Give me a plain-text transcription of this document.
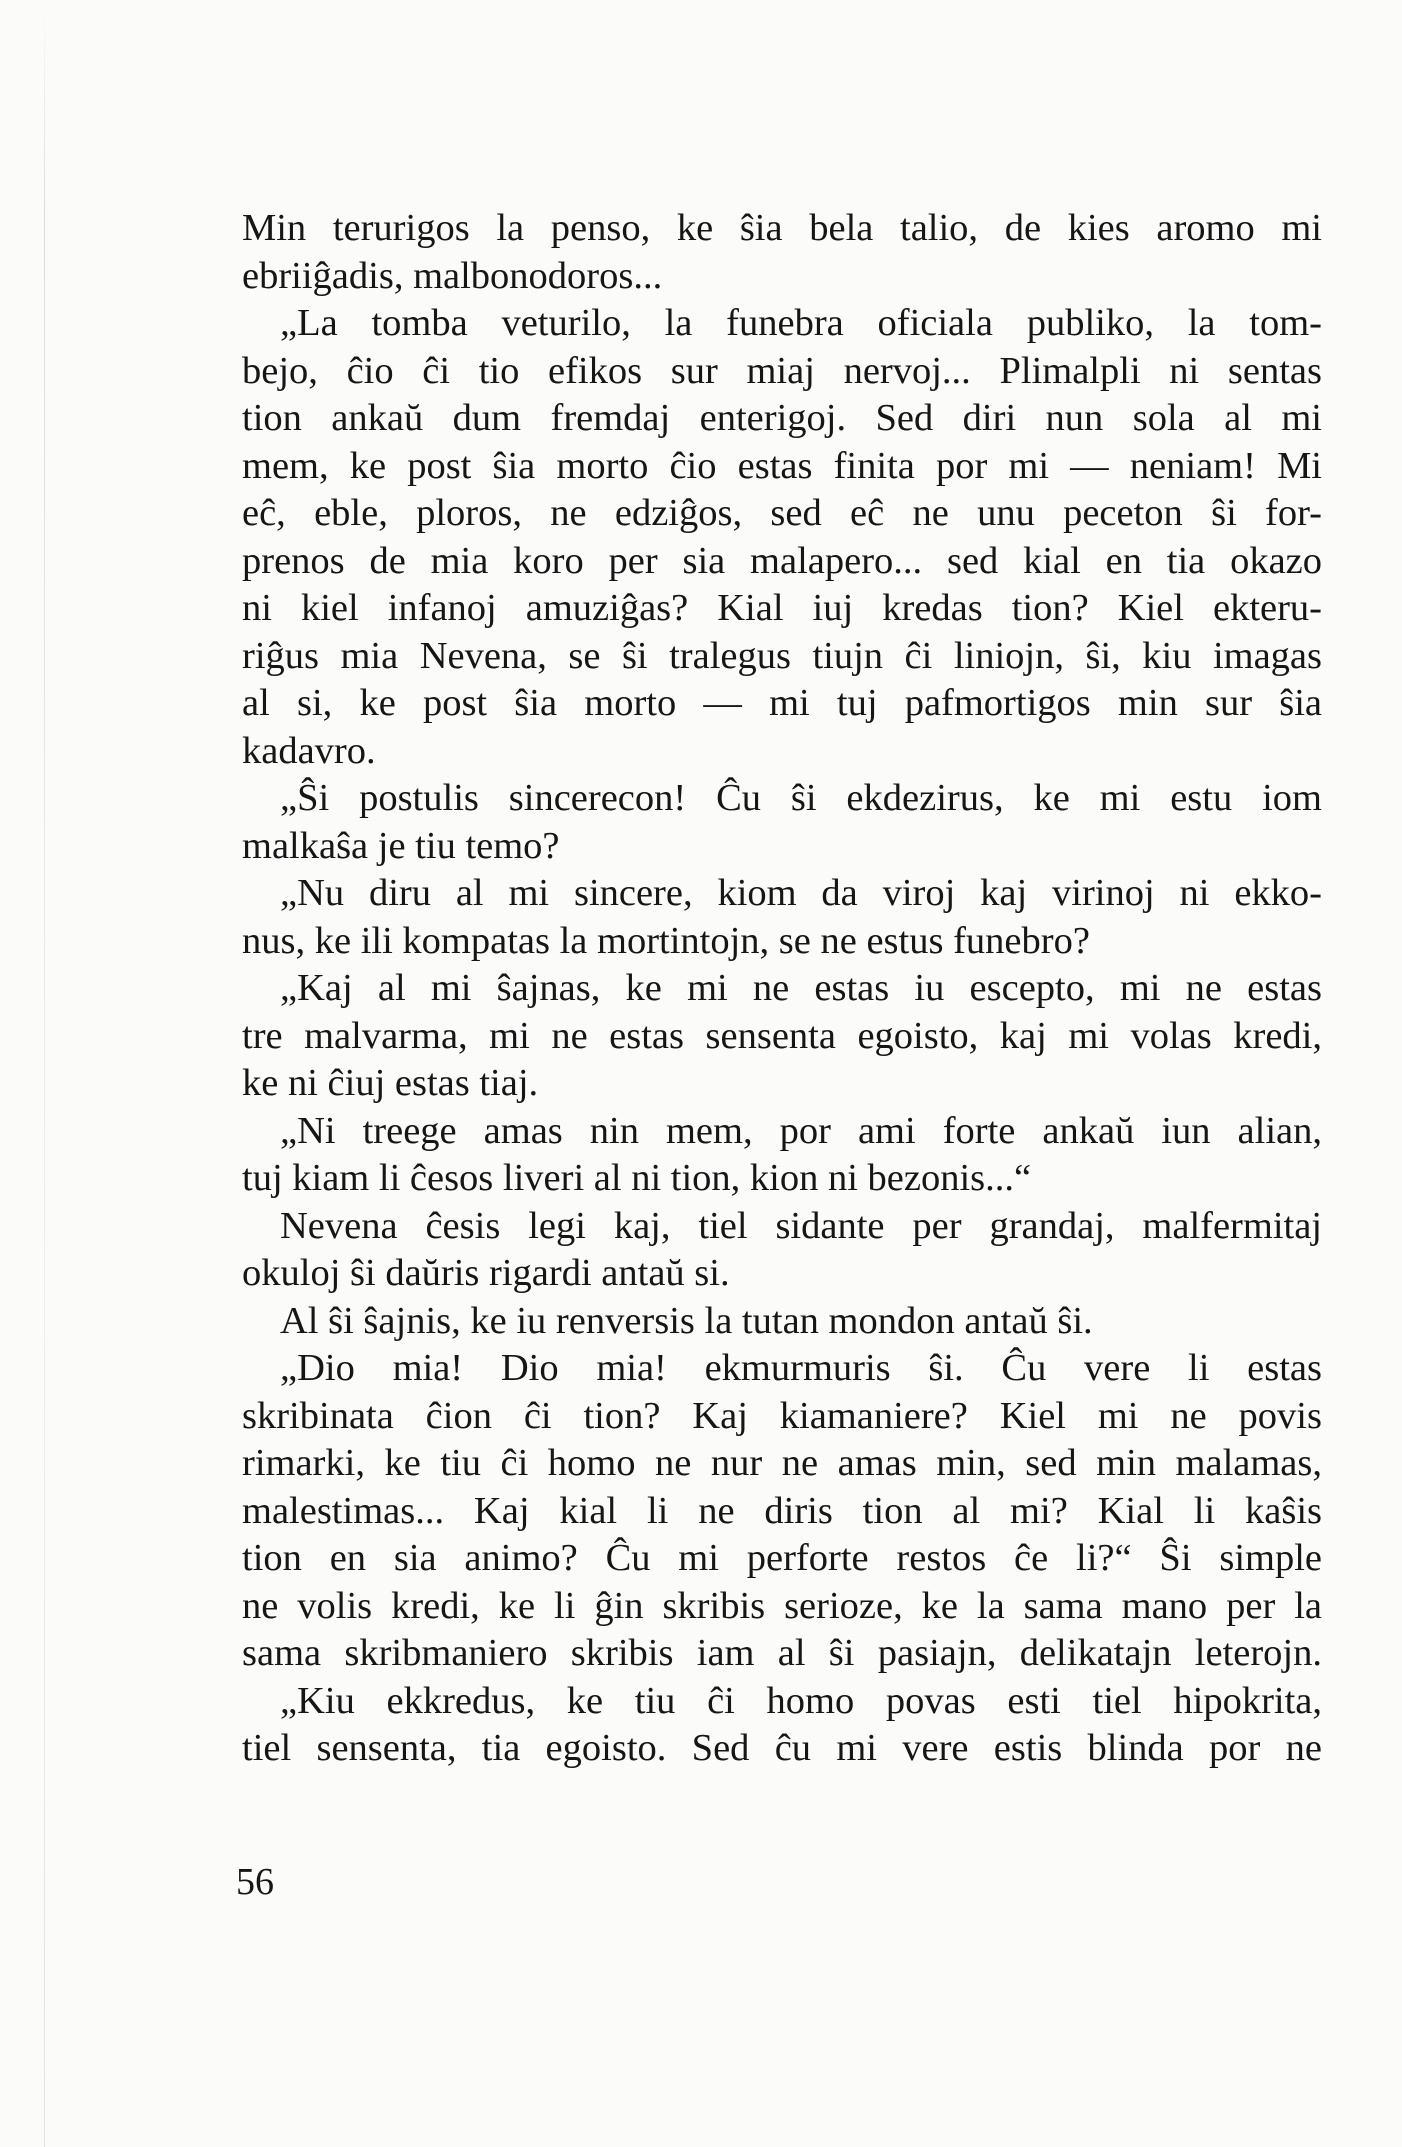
Min terurigos la penso, ke ŝia bela talio, de kies aromo mi
ebriiĝadis, malbonodoros...
„La tomba veturilo, la funebra oficiala publiko, la tom-
bejo, ĉio ĉi tio efikos sur miaj nervoj... Plimalpli ni sentas
tion ankaŭ dum fremdaj enterigoj. Sed diri nun sola al mi
mem, ke post ŝia morto ĉio estas finita por mi — neniam! Mi
eĉ, eble, ploros, ne edziĝos, sed eĉ ne unu peceton ŝi for-
prenos de mia koro per sia malapero... sed kial en tia okazo
ni kiel infanoj amuziĝas? Kial iuj kredas tion? Kiel ekteru-
riĝus mia Nevena, se ŝi tralegus tiujn ĉi liniojn, ŝi, kiu imagas
al si, ke post ŝia morto — mi tuj pafmortigos min sur ŝia
kadavro.
„Ŝi postulis sincerecon! Ĉu ŝi ekdezirus, ke mi estu iom
malkaŝa je tiu temo?
„Nu diru al mi sincere, kiom da viroj kaj virinoj ni ekko-
nus, ke ili kompatas la mortintojn, se ne estus funebro?
„Kaj al mi ŝajnas, ke mi ne estas iu escepto, mi ne estas
tre malvarma, mi ne estas sensenta egoisto, kaj mi volas kredi,
ke ni ĉiuj estas tiaj.
„Ni treege amas nin mem, por ami forte ankaŭ iun alian,
tuj kiam li ĉesos liveri al ni tion, kion ni bezonis...“
Nevena ĉesis legi kaj, tiel sidante per grandaj, malfermitaj
okuloj ŝi daŭris rigardi antaŭ si.
Al ŝi ŝajnis, ke iu renversis la tutan mondon antaŭ ŝi.
„Dio mia! Dio mia! ekmurmuris ŝi. Ĉu vere li estas
skribinata ĉion ĉi tion? Kaj kiamaniere? Kiel mi ne povis
rimarki, ke tiu ĉi homo ne nur ne amas min, sed min malamas,
malestimas... Kaj kial li ne diris tion al mi? Kial li kaŝis
tion en sia animo? Ĉu mi perforte restos ĉe li?“ Ŝi simple
ne volis kredi, ke li ĝin skribis serioze, ke la sama mano per la
sama skribmaniero skribis iam al ŝi pasiajn, delikatajn leterojn.
„Kiu ekkredus, ke tiu ĉi homo povas esti tiel hipokrita,
tiel sensenta, tia egoisto. Sed ĉu mi vere estis blinda por ne
56
